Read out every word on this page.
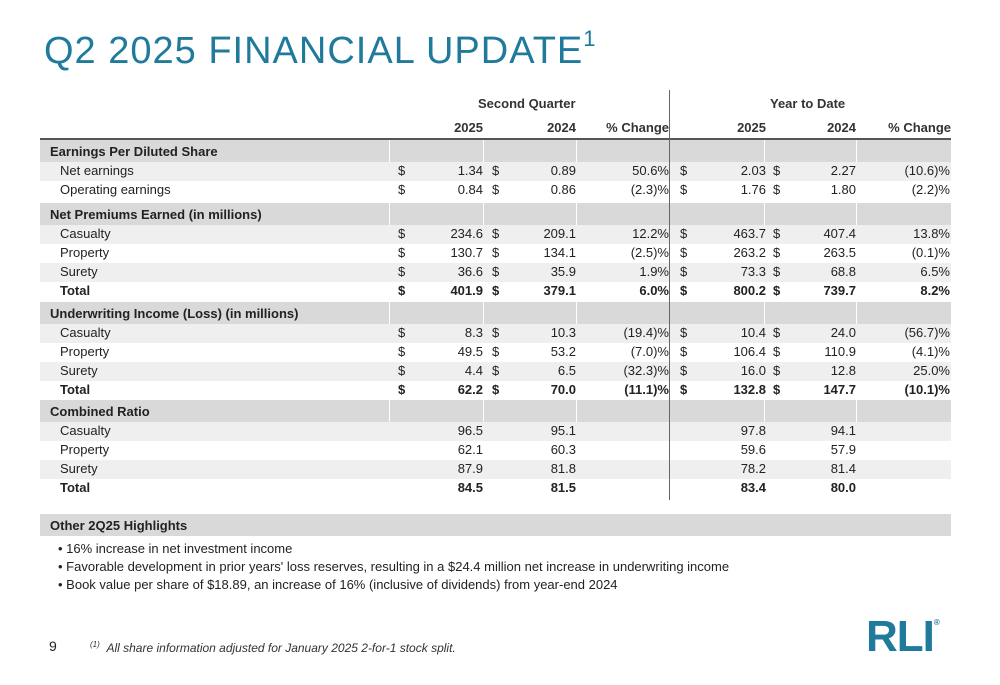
Q2 2025 FINANCIAL UPDATE$^1$
Second Quarter	Year to Date
2025	2024	% Change	2025	2024	% Change
Earnings Per Diluted Share
Net earnings	$	1.34 $	0.89	50.6% $	2.03 $	2.27	(10.6)%
Operating earnings	$	0.84 $	0.86	(2.3)% $	1.76 $	1.80	(2.2)%
Net Premiums Earned (in millions)
Casualty	$	234.6 $	209.1	12.2% $	463.7 $	407.4	13.8%
Property	$	130.7 $	134.1	(2.5)% $	263.2 $	263.5	(0.1)%
Surety	$	36.6 $	35.9	1.9% $	73.3 $	68.8	6.5%
Total	$	401.9 $	379.1	6.0% $	800.2 $	739.7	8.2%
Underwriting Income (Loss) (in millions)
Casualty	$	8.3 $	10.3	(19.4)% $	10.4 $	24.0	(56.7)%
Property	$	49.5 $	53.2	(7.0)% $	106.4 $	110.9	(4.1)%
Surety	$	4.4 $	6.5	(32.3)% $	16.0 $	12.8	25.0%
Total	$	62.2 $	70.0	(11.1)% $	132.8 $	147.7	(10.1)%
Combined Ratio
Casualty	96.5	95.1	97.8	94.1
Property	62.1	60.3	59.6	57.9
Surety	87.9	81.8	78.2	81.4
Total	84.5	81.5	83.4	80.0
Other 2Q25 Highlights
• 16% increase in net investment income
• Favorable development in prior years' loss reserves, resulting in a $24.4 million net increase in underwriting income
• Book value per share of $18.89, an increase of 16% (inclusive of dividends) from year-end 2024
9	$^{(1)}$ All share information adjusted for January 2025 2-for-1 stock split.	RLI®
